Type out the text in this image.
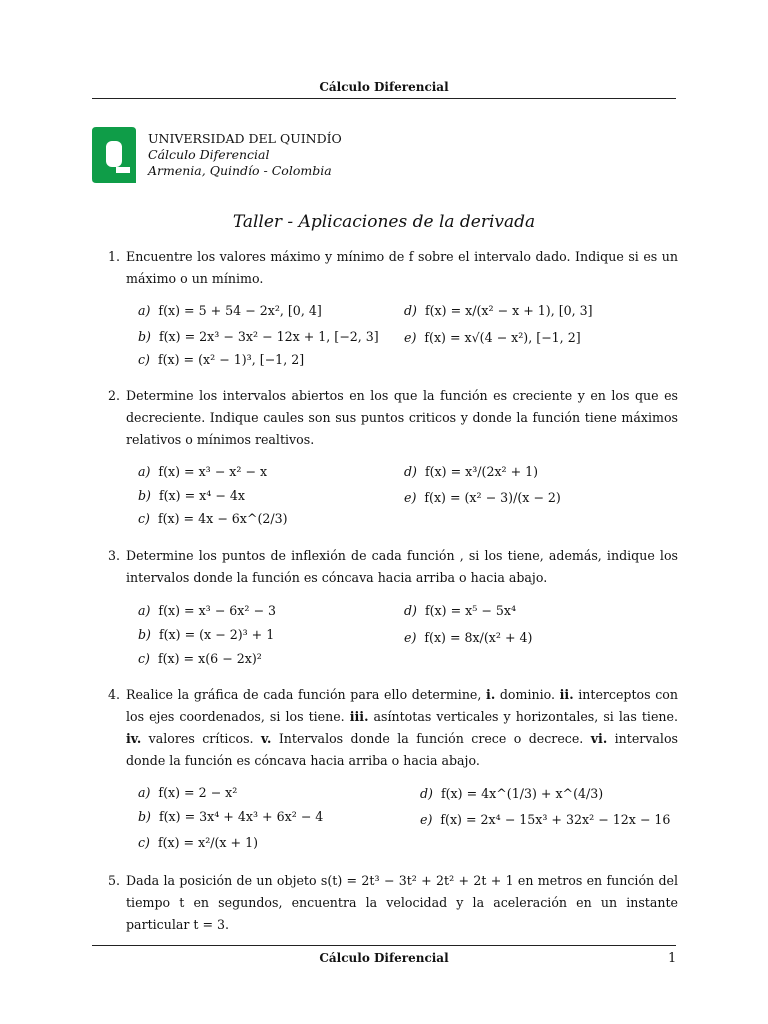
Cálculo Diferencial
UNIVERSIDAD DEL QUINDÍO
Cálculo Diferencial
Armenia, Quindío - Colombia
Taller - Aplicaciones de la derivada
1. Encuentre los valores máximo y mínimo de f sobre el intervalo dado. Indique si es un máximo o un mínimo.
a) f(x) = 5 + 54 − 2x², [0, 4]
b) f(x) = 2x³ − 3x² − 12x + 1, [−2, 3]
c) f(x) = (x² − 1)³, [−1, 2]
d) f(x) = x/(x² − x + 1), [0, 3]
e) f(x) = x√(4 − x²), [−1, 2]
2. Determine los intervalos abiertos en los que la función es creciente y en los que es decreciente. Indique caules son sus puntos criticos y donde la función tiene máximos relativos o mínimos realtivos.
a) f(x) = x³ − x² − x
b) f(x) = x⁴ − 4x
c) f(x) = 4x − 6x^(2/3)
d) f(x) = x³/(2x² + 1)
e) f(x) = (x² − 3)/(x − 2)
3. Determine los puntos de inflexión de cada función , si los tiene, además, indique los intervalos donde la función es cóncava hacia arriba o hacia abajo.
a) f(x) = x³ − 6x² − 3
b) f(x) = (x − 2)³ + 1
c) f(x) = x(6 − 2x)²
d) f(x) = x⁵ − 5x⁴
e) f(x) = 8x/(x² + 4)
4. Realice la gráfica de cada función para ello determine, i. dominio. ii. interceptos con los ejes coordenados, si los tiene. iii. asíntotas verticales y horizontales, si las tiene. iv. valores críticos. v. Intervalos donde la función crece o decrece. vi. intervalos donde la función es cóncava hacia arriba o hacia abajo.
a) f(x) = 2 − x²
b) f(x) = 3x⁴ + 4x³ + 6x² − 4
c) f(x) = x²/(x + 1)
d) f(x) = 4x^(1/3) + x^(4/3)
e) f(x) = 2x⁴ − 15x³ + 32x² − 12x − 16
5. Dada la posición de un objeto s(t) = 2t³ − 3t² + 2t² + 2t + 1 en metros en función del tiempo t en segundos, encuentra la velocidad y la aceleración en un instante particular t = 3.
Cálculo Diferencial	1
